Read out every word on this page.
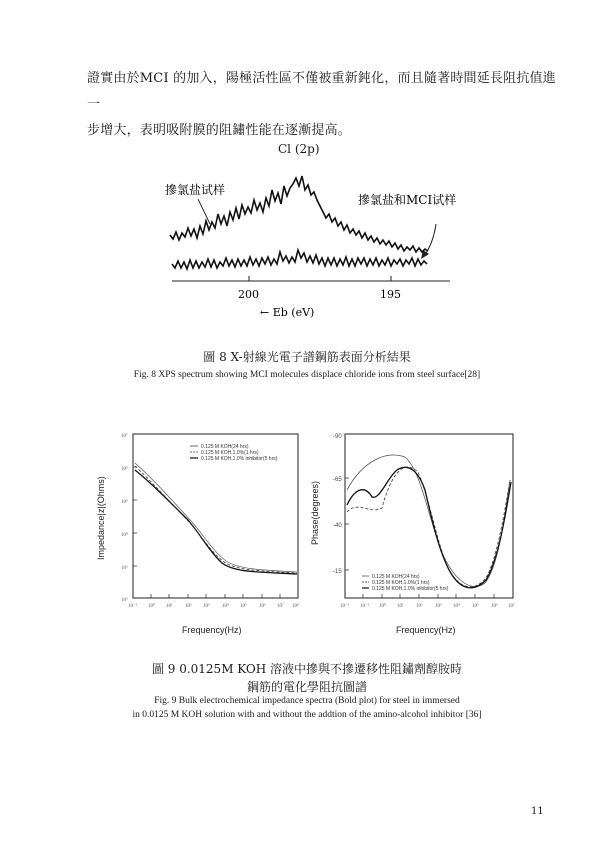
證實由於MCI 的加入，陽極活性區不僅被重新鈍化，而且隨著時間延長阻抗值進一

步增大，表明吸附膜的阻鏽性能在逐漸提高。

Cl (2p)
摻氯盐试样
摻氯盐和MCI试样
200	195
← Eb (eV)
圖 8 X-射線光電子譜鋼筋表面分析結果
Fig. 8 XPS spectrum showing MCI molecules displace chloride ions from steel surface[28]
10⁷
10⁶
10⁵
10⁴
10³
10²
10⁻¹ 10⁰ 10¹	10² 10³	10⁴ 10⁵ 10⁶ 10⁷ 10⁸
0.125 M KOH(24 hrs)
0.125 M KOH,1.0%(1 hrs)
0.125 M KOH,1.0% inhibitor(5 hrs)
Impedance|z|(Ohms)
Frequency(Hz)
-90
-65
-40
-15
10⁻² 10⁻¹ 10⁰ 10¹	10²	10³ 10⁴ 10⁵ 10⁶ 10⁷
0.125 M KOH(24 hrs)
0.125 M KOH,1.0%(1 hrs)
0.125 M KOH,1.0% inhibitor(5 hrs)
Phase(degrees)
Frequency(Hz)
圖 9 0.0125M KOH 溶液中摻與不摻遷移性阻鏽劑醇胺時
鋼筋的電化學阻抗圖譜
Fig. 9 Bulk electrochemical impedance spectra (Bold plot) for steel in immersed
in 0.0125 M KOH solution with and without the addtion of the amino-alcohol inhibitor [36]
11
